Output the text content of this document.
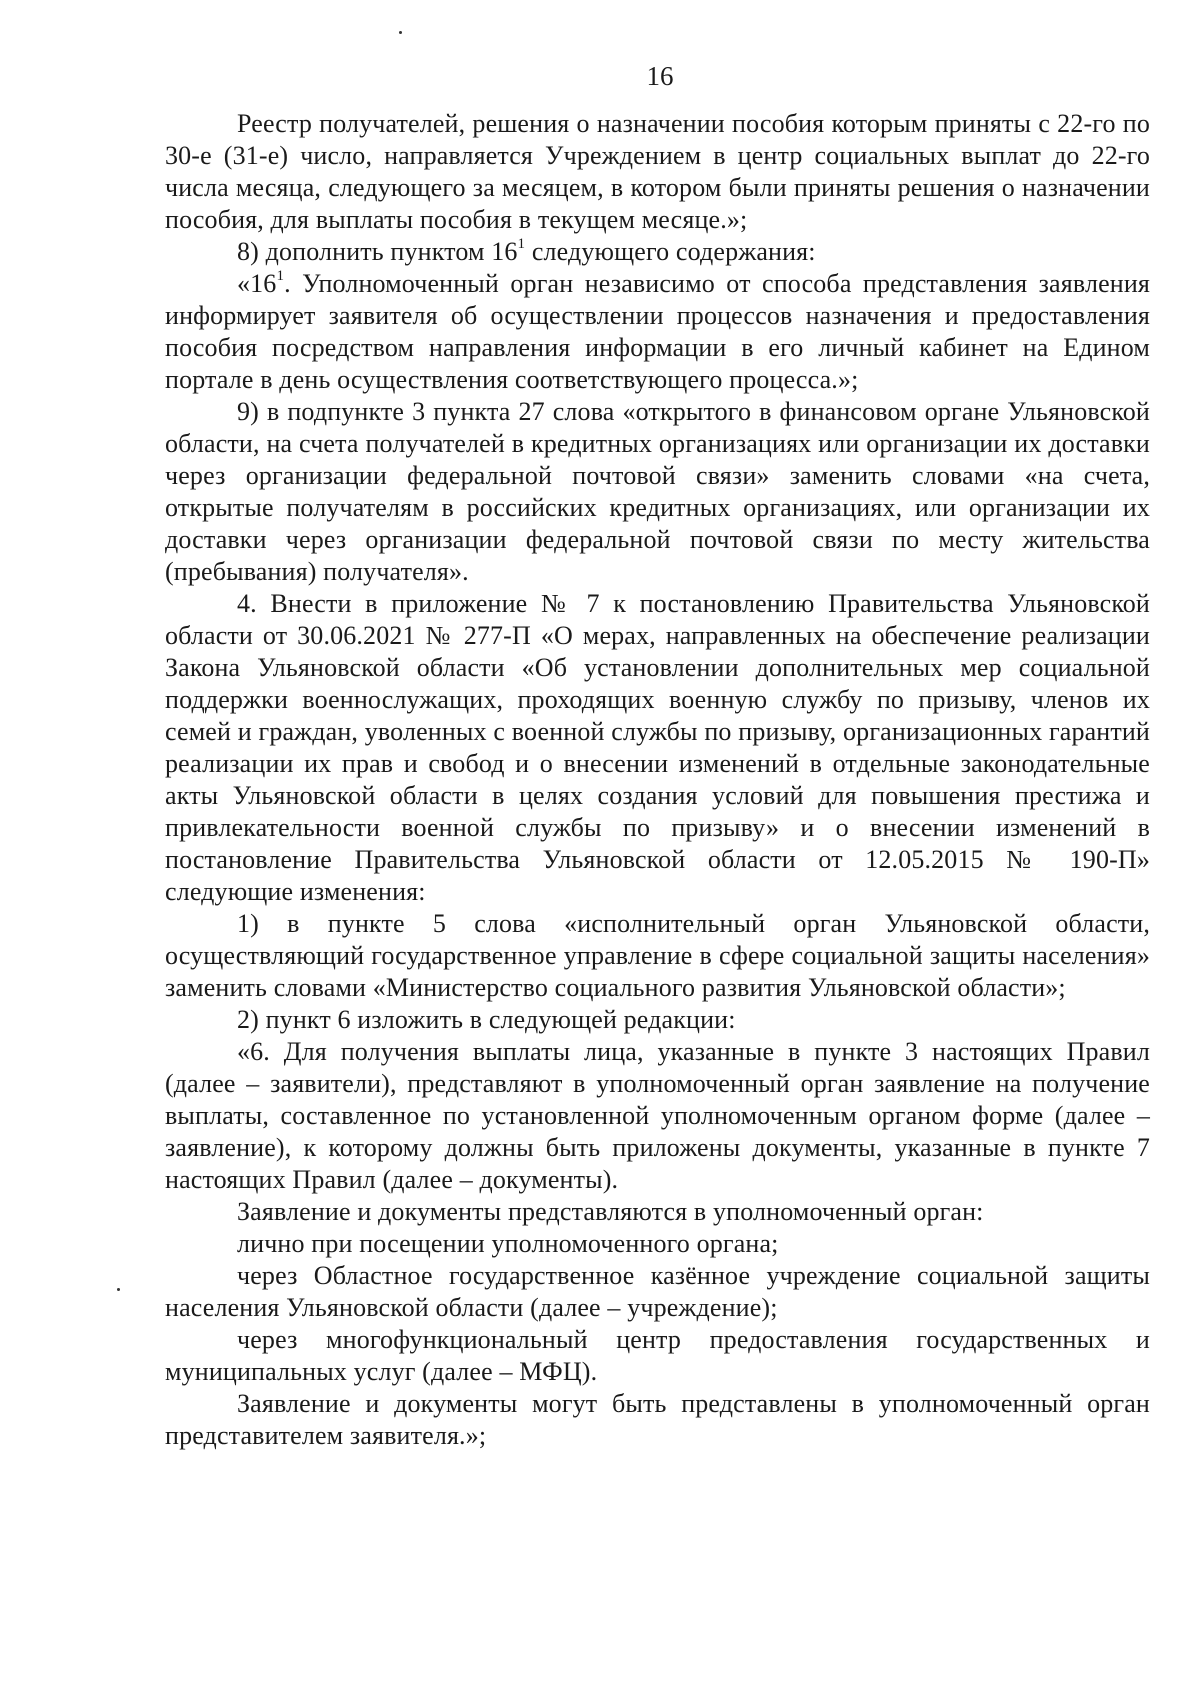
16

Реестр получателей, решения о назначении пособия которым приняты с 22-го по 30-е (31-е) число, направляется Учреждением в центр социальных выплат до 22-го числа месяца, следующего за месяцем, в котором были приняты решения о назначении пособия, для выплаты пособия в текущем месяце.»;

8) дополнить пунктом $16^1$ следующего содержания:

«$16^1$. Уполномоченный орган независимо от способа представления заявления информирует заявителя об осуществлении процессов назначения и предоставления пособия посредством направления информации в его личный кабинет на Едином портале в день осуществления соответствующего процесса.»;

9) в подпункте 3 пункта 27 слова «открытого в финансовом органе Ульяновской области, на счета получателей в кредитных организациях или организации их доставки через организации федеральной почтовой связи» заменить словами «на счета, открытые получателям в российских кредитных организациях, или организации их доставки через организации федеральной почтовой связи по месту жительства (пребывания) получателя».

4. Внести в приложение № 7 к постановлению Правительства Ульяновской области от 30.06.2021 № 277-П «О мерах, направленных на обеспечение реализации Закона Ульяновской области «Об установлении дополнительных мер социальной поддержки военнослужащих, проходящих военную службу по призыву, членов их семей и граждан, уволенных с военной службы по призыву, организационных гарантий реализации их прав и свобод и о внесении изменений в отдельные законодательные акты Ульяновской области в целях создания условий для повышения престижа и привлекательности военной службы по призыву» и о внесении изменений в постановление Правительства Ульяновской области от 12.05.2015 № 190-П» следующие изменения:

1) в пункте 5 слова «исполнительный орган Ульяновской области, осуществляющий государственное управление в сфере социальной защиты населения» заменить словами «Министерство социального развития Ульяновской области»;

2) пункт 6 изложить в следующей редакции:

«6. Для получения выплаты лица, указанные в пункте 3 настоящих Правил (далее – заявители), представляют в уполномоченный орган заявление на получение выплаты, составленное по установленной уполномоченным органом форме (далее – заявление), к которому должны быть приложены документы, указанные в пункте 7 настоящих Правил (далее – документы).

Заявление и документы представляются в уполномоченный орган:

лично при посещении уполномоченного органа;

через Областное государственное казённое учреждение социальной защиты населения Ульяновской области (далее – учреждение);

через многофункциональный центр предоставления государственных и муниципальных услуг (далее – МФЦ).

Заявление и документы могут быть представлены в уполномоченный орган представителем заявителя.»;
